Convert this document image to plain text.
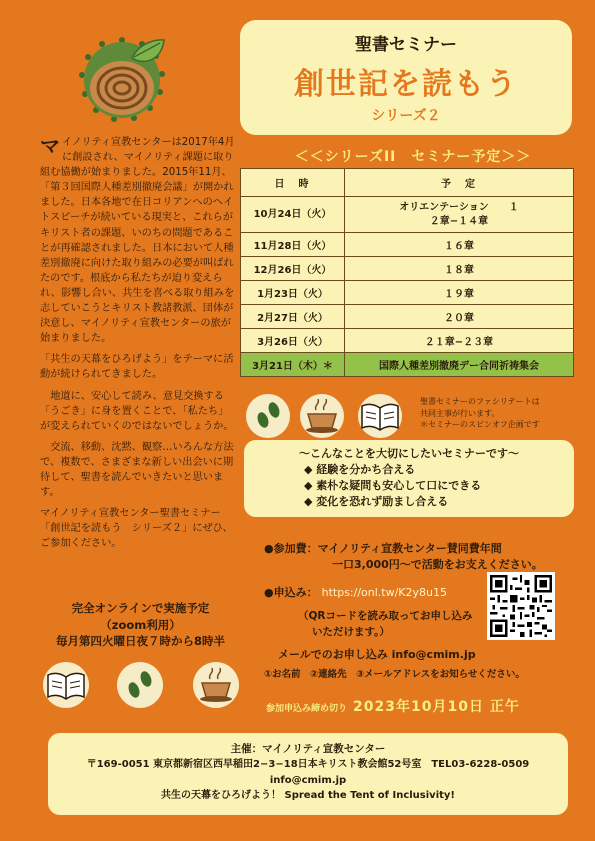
聖書セミナー
創世記を読もう
シリーズ２

マイノリティ宣教センターは2017年4月に創設され、マイノリティ課題に取り組む協働が始まりました。2015年11月、「第３回国際人種差別撤廃会議」が開かれました。日本各地で在日コリアンへのヘイトスピーチが続いている現実と、これらがキリスト者の課題、いのちの問題であることが再確認されました。日本において人種差別撤廃に向けた取り組みの必要が叫ばれたのです。根底から私たちが迫り変えられ、影響し合い、共生を喜べる取り組みを志していこうとキリスト教諸教派、団体が決意し、マイノリティ宣教センターの旅が始まりました。

「共生の天幕をひろげよう」をテーマに活動が続けられてきました。

地道に、安心して読み、意見交換する「うごき」に身を置くことで、「私たち」が変えられていくのではないでしょうか。

交流、移動、沈黙、観察…いろんな方法で、複数で、さまざまな新しい出会いに期待して、聖書を読んでいきたいと思います。

マイノリティ宣教センター聖書セミナー「創世記を読もう　シリーズ２」にぜひ、ご参加ください。

完全オンラインで実施予定
（zoom利用）
毎月第四火曜日夜７時から8時半
＜＜シリーズII　セミナー予定＞＞
日　時	予　定
10月24日（火）	オリエンテーション　　１２章−１４章
11月28日（火）	１６章
12月26日（火）	１８章
1月23日（火）	１９章
2月27日（火）	２０章
3月26日（火）	２１章−２３章
3月21日（木）＊	国際人種差別撤廃デー合同祈祷集会
聖書セミナーのファシリテートは
共同主事が行います。
＊セミナーのスピンオフ企画です
〜こんなことを大切にしたいセミナーです〜
◆ 経験を分かち合える
◆ 素朴な疑問も安心して口にできる
◆ 変化を恐れず励まし合える
●参加費：マイノリティ宣教センター賛同費年間
一口3,000円〜で活動をお支えください。
●申込み： https://onl.tw/K2y8u15
（QRコードを読み取ってお申し込み
いただけます。）
メールでのお申し込み info@cmim.jp
①お名前　②連絡先　③メールアドレスをお知らせください。
参加申込み締め切り 2023年10月10日 正午
主催：マイノリティ宣教センター
〒169-0051 東京都新宿区西早稲田2−3−18日本キリスト教会館52号室　TEL03-6228-0509
info@cmim.jp
共生の天幕をひろげよう！ Spread the Tent of Inclusivity!
